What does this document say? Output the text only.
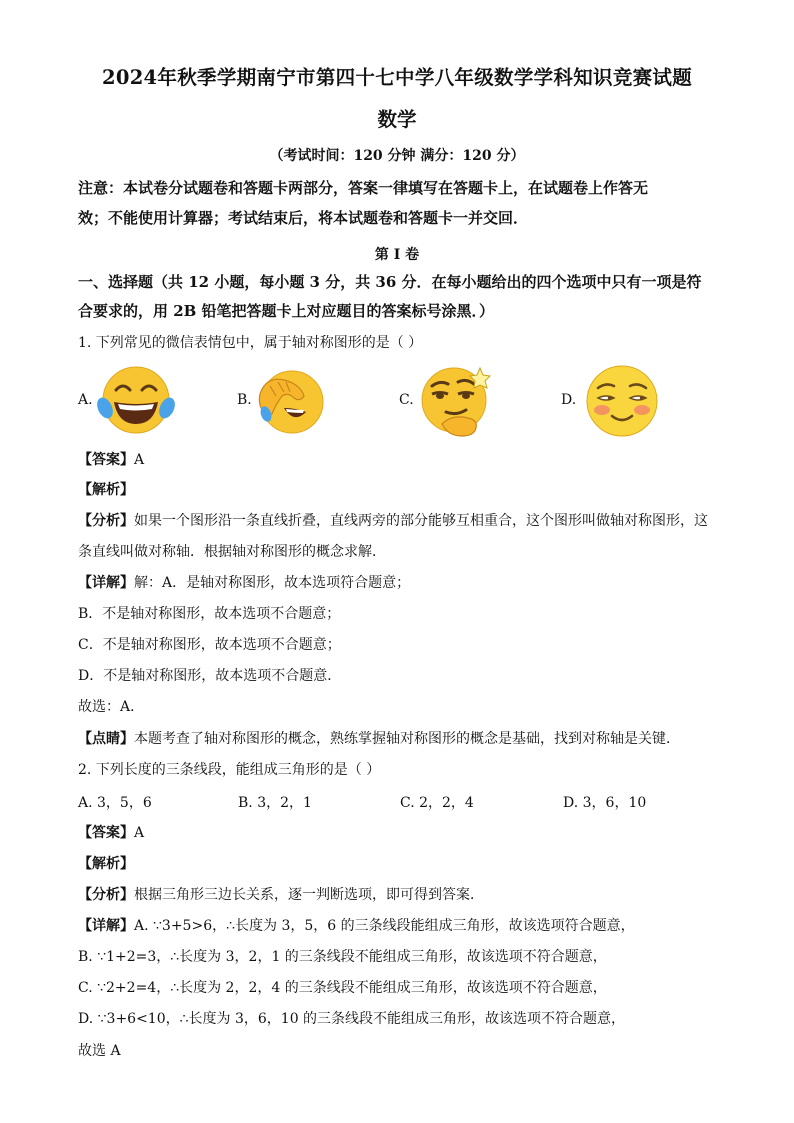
2024年秋季学期南宁市第四十七中学八年级数学学科知识竞赛试题
数学
（考试时间：120 分钟 满分：120 分）
注意：本试卷分试题卷和答题卡两部分，答案一律填写在答题卡上，在试题卷上作答无
效；不能使用计算器；考试结束后，将本试题卷和答题卡一并交回．
第 I 卷
一、选择题（共 12 小题，每小题 3 分，共 36 分．在每小题给出的四个选项中只有一项是符
合要求的，用 2B 铅笔把答题卡上对应题目的答案标号涂黑．）
1. 下列常见的微信表情包中，属于轴对称图形的是（ ）
A.	B.	C.	D.
【答案】A
【解析】
【分析】如果一个图形沿一条直线折叠，直线两旁的部分能够互相重合，这个图形叫做轴对称图形，这
条直线叫做对称轴．根据轴对称图形的概念求解．
【详解】解：A．是轴对称图形，故本选项符合题意；
B．不是轴对称图形，故本选项不合题意；
C．不是轴对称图形，故本选项不合题意；
D．不是轴对称图形，故本选项不合题意．
故选：A．
【点睛】本题考查了轴对称图形的概念，熟练掌握轴对称图形的概念是基础，找到对称轴是关键．
2. 下列长度的三条线段，能组成三角形的是（ ）
A. 3，5，6	B. 3，2，1	C. 2，2，4	D. 3，6，10
【答案】A
【解析】
【分析】根据三角形三边长关系，逐一判断选项，即可得到答案．
【详解】A. ∵3+5>6，∴长度为 3，5，6 的三条线段能组成三角形，故该选项符合题意，
B. ∵1+2=3，∴长度为 3，2，1 的三条线段不能组成三角形，故该选项不符合题意，
C. ∵2+2=4，∴长度为 2，2，4 的三条线段不能组成三角形，故该选项不符合题意，
D. ∵3+6<10，∴长度为 3，6，10 的三条线段不能组成三角形，故该选项不符合题意，
故选 A
